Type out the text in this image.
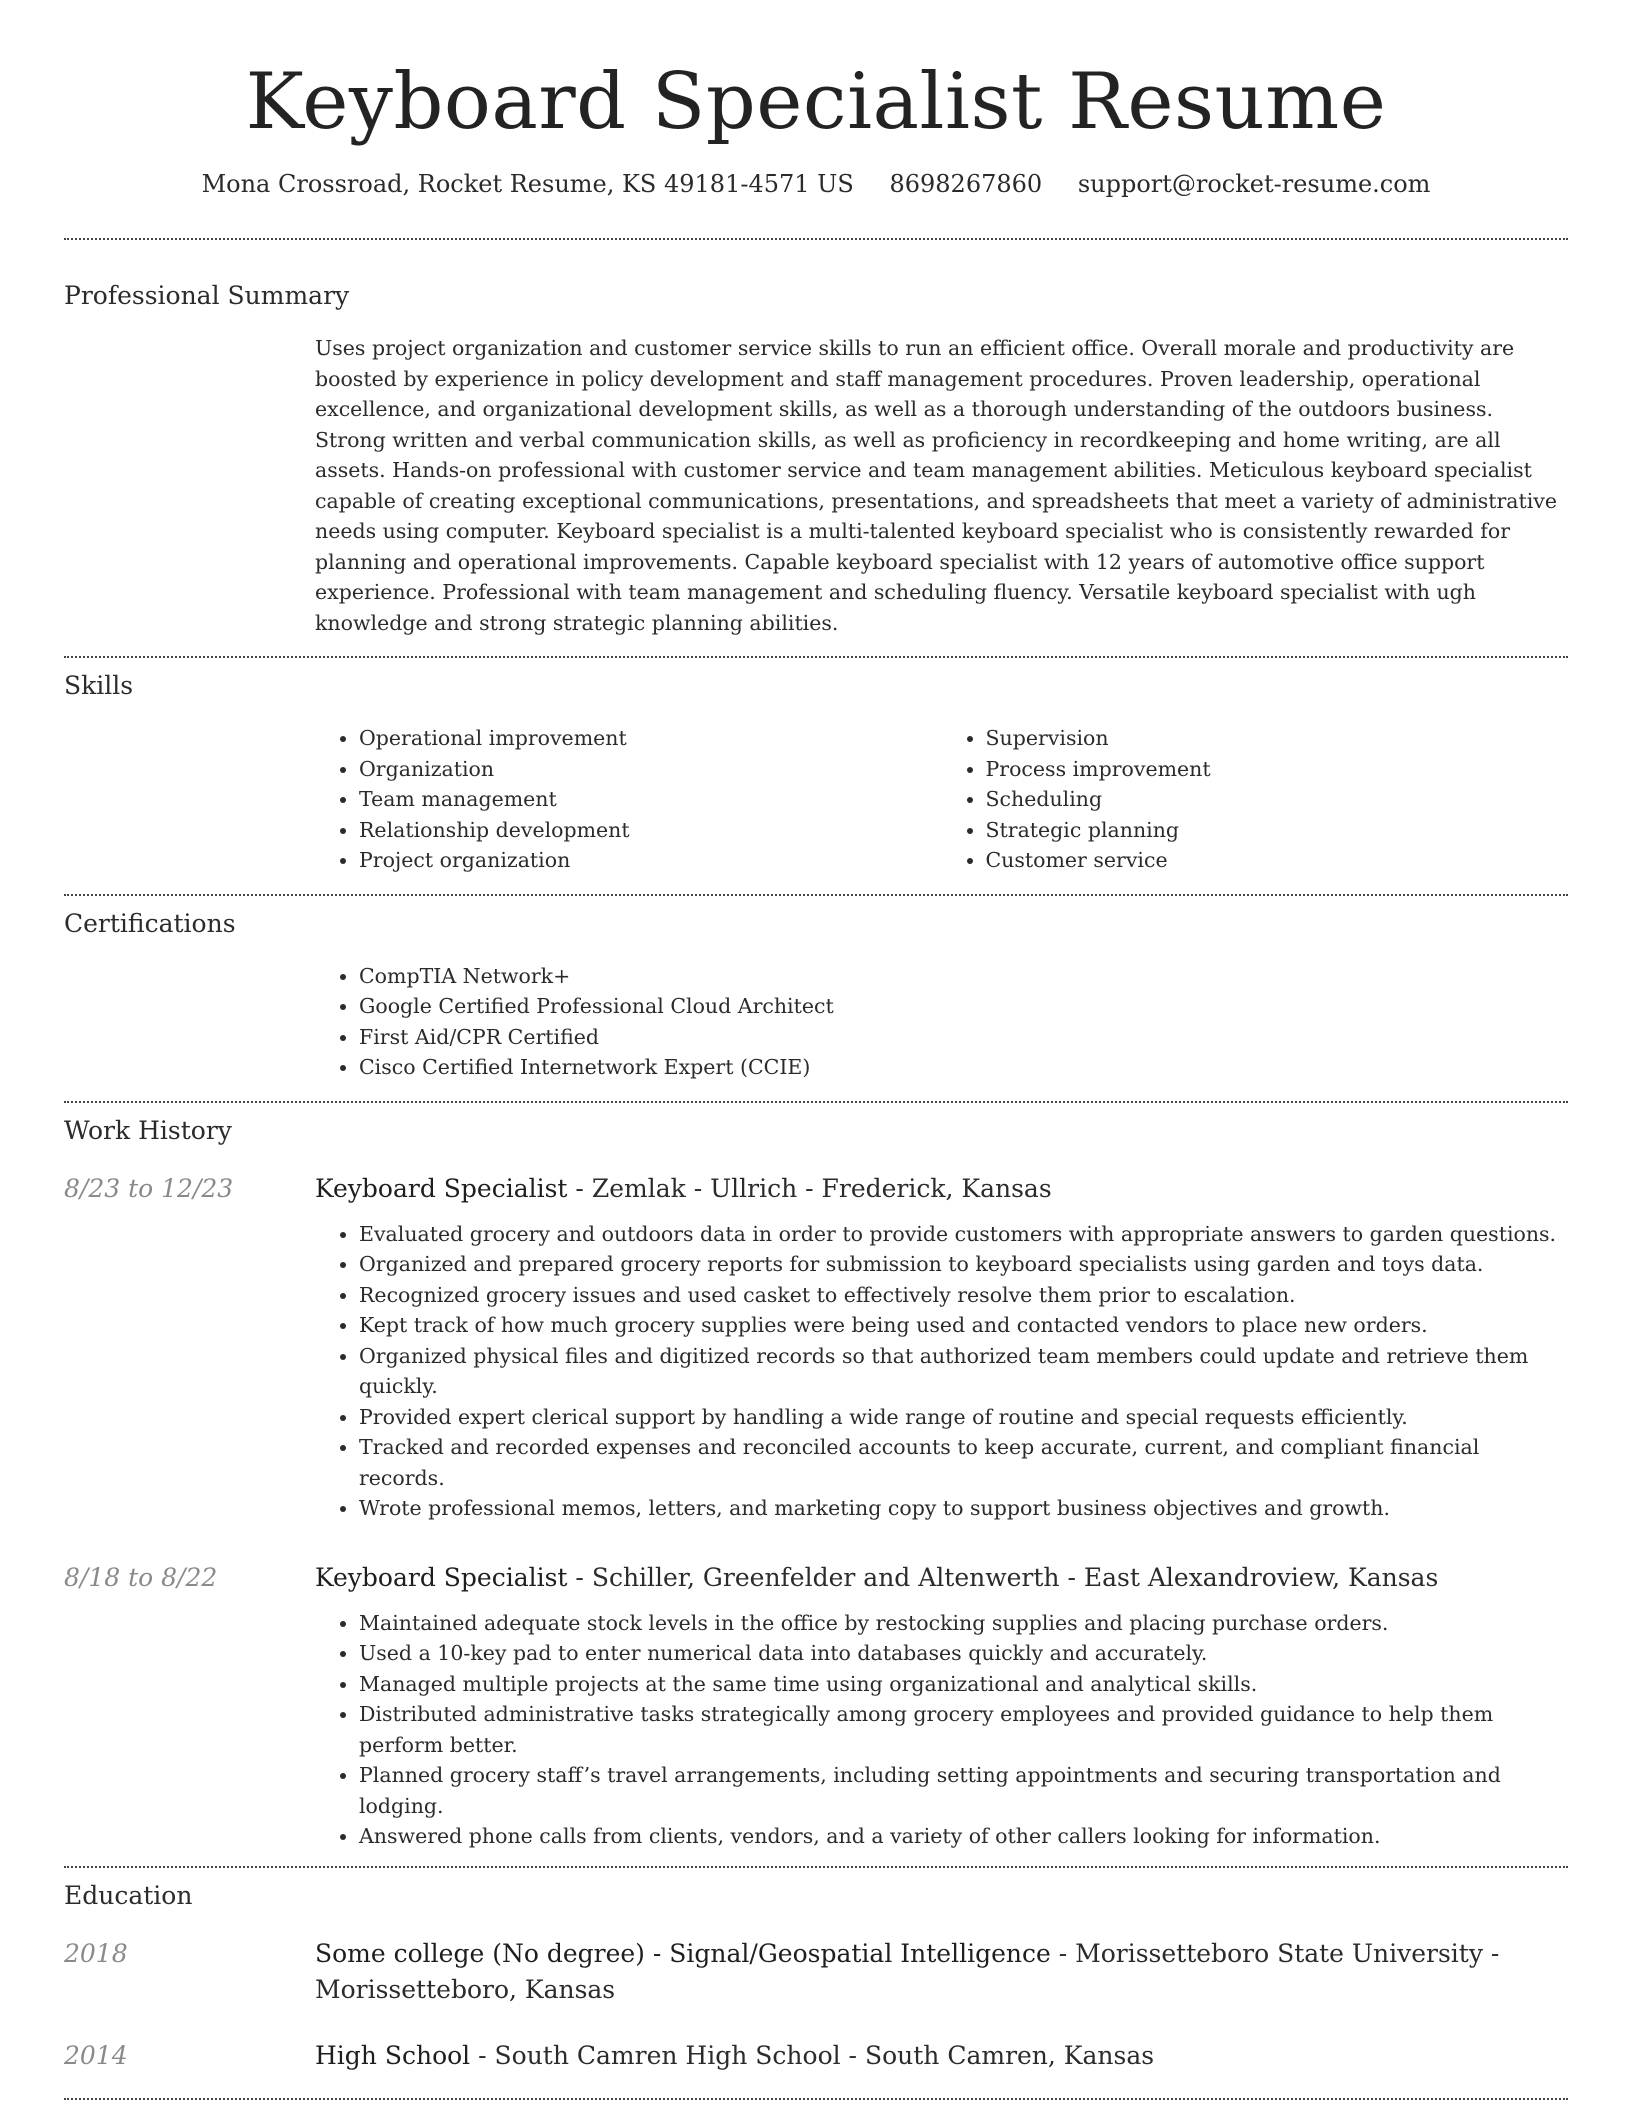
Keyboard Specialist Resume
Mona Crossroad, Rocket Resume, KS 49181-4571 US 8698267860 support@rocket-resume.com
Professional Summary
Uses project organization and customer service skills to run an efficient office. Overall morale and productivity are boosted by experience in policy development and staff management procedures. Proven leadership, operational excellence, and organizational development skills, as well as a thorough understanding of the outdoors business. Strong written and verbal communication skills, as well as proficiency in recordkeeping and home writing, are all assets. Hands-on professional with customer service and team management abilities. Meticulous keyboard specialist capable of creating exceptional communications, presentations, and spreadsheets that meet a variety of administrative needs using computer. Keyboard specialist is a multi-talented keyboard specialist who is consistently rewarded for planning and operational improvements. Capable keyboard specialist with 12 years of automotive office support experience. Professional with team management and scheduling fluency. Versatile keyboard specialist with ugh knowledge and strong strategic planning abilities.
Skills
• Operational improvement
• Organization
• Team management
• Relationship development
• Project organization
• Supervision
• Process improvement
• Scheduling
• Strategic planning
• Customer service
Certifications
• CompTIA Network+
• Google Certified Professional Cloud Architect
• First Aid/CPR Certified
• Cisco Certified Internetwork Expert (CCIE)
Work History
8/23 to 12/23	Keyboard Specialist - Zemlak - Ullrich - Frederick, Kansas
• Evaluated grocery and outdoors data in order to provide customers with appropriate answers to garden questions.
• Organized and prepared grocery reports for submission to keyboard specialists using garden and toys data.
• Recognized grocery issues and used casket to effectively resolve them prior to escalation.
• Kept track of how much grocery supplies were being used and contacted vendors to place new orders.
• Organized physical files and digitized records so that authorized team members could update and retrieve them quickly.
• Provided expert clerical support by handling a wide range of routine and special requests efficiently.
• Tracked and recorded expenses and reconciled accounts to keep accurate, current, and compliant financial records.
• Wrote professional memos, letters, and marketing copy to support business objectives and growth.
8/18 to 8/22	Keyboard Specialist - Schiller, Greenfelder and Altenwerth - East Alexandroview, Kansas
• Maintained adequate stock levels in the office by restocking supplies and placing purchase orders.
• Used a 10-key pad to enter numerical data into databases quickly and accurately.
• Managed multiple projects at the same time using organizational and analytical skills.
• Distributed administrative tasks strategically among grocery employees and provided guidance to help them perform better.
• Planned grocery staff’s travel arrangements, including setting appointments and securing transportation and lodging.
• Answered phone calls from clients, vendors, and a variety of other callers looking for information.
Education
2018	Some college (No degree) - Signal/Geospatial Intelligence - Morissetteboro State University - Morissetteboro, Kansas
2014	High School - South Camren High School - South Camren, Kansas
